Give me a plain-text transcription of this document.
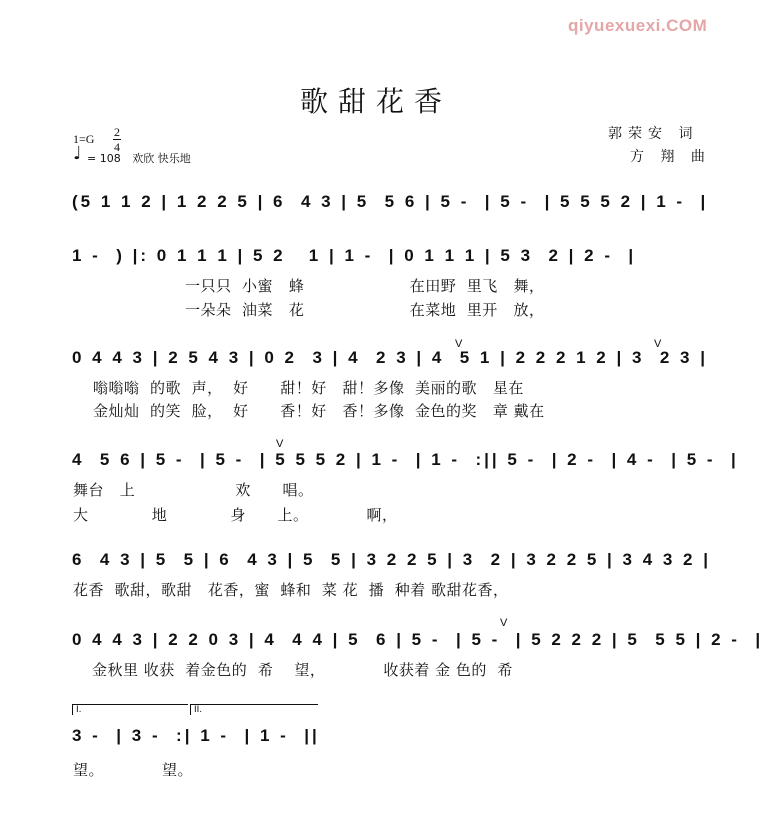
qiyuexuexi.COM
歌甜花香
郭荣安 词
方 翔 曲
$1=G \frac{2}{4}$
♩ = 108 欢欣 快乐地
(5 1 1 2 | 1 2 2 5 | 6  4 3 | 5  5 6 | 5 -  | 5 -  | 5 5 5 2 | 1 -  |
1 -  ) |: 0 1 1 1 | 5 2   1 | 1 -  | 0 1 1 1 | 5 3  2 | 2 -  |
一只只  小蜜   蜂                    在田野  里飞   舞，
一朵朵  油菜   花                    在菜地  里开   放，
0 4 4 3 | 2 5 4 3 | 0 2  3 | 4  2 3 | 4  5 1 | 2 2 2 1 2 | 3  2 3 |
V	V
嗡嗡嗡  的歌  声，  好      甜！好   甜！多像  美丽的歌   星在
金灿灿  的笑  脸，  好      香！好   香！多像  金色的奖   章 戴在
4  5 6 | 5 -  | 5 -  | 5 5 5 2 | 1 -  | 1 -  :|| 5 -  | 2 -  | 4 -  | 5 -  |
V
舞台   上                   欢      唱。
大            地            身      上。           啊，
6  4 3 | 5  5 | 6  4 3 | 5  5 | 3 2 2 5 | 3  2 | 3 2 2 5 | 3 4 3 2 |
花香  歌甜，歌甜   花香，蜜  蜂和  菜 花  播  种着 歌甜花香，
0 4 4 3 | 2 2 0 3 | 4  4 4 | 5  6 | 5 -  | 5 -  | 5 2 2 2 | 5  5 5 | 2 -  |
V
金秋里 收获  着金色的  希    望，           收获着 金 色的  希
I.	II.
3 -  | 3 -  :| 1 -  | 1 -  ||
望。           望。
